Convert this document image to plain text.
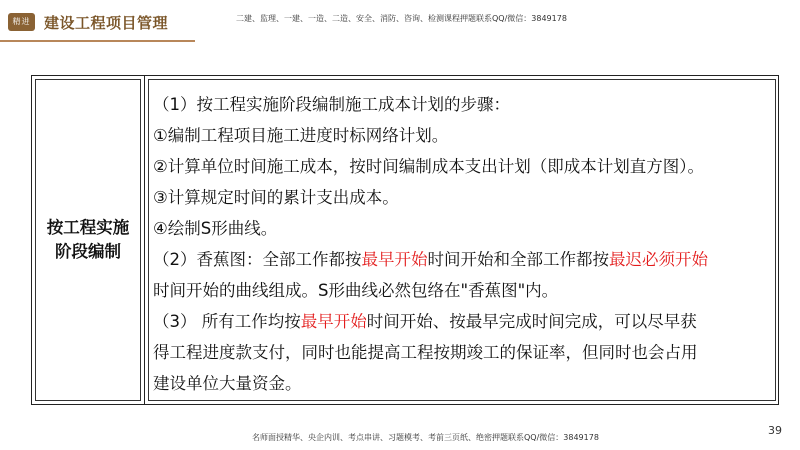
精进 建设工程项目管理	二建、监理、一建、一造、二造、安全、消防、咨询、检测课程押题联系QQ/微信：3849178
按工程实施
阶段编制
（1）按工程实施阶段编制施工成本计划的步骤：
①编制工程项目施工进度时标网络计划。
②计算单位时间施工成本，按时间编制成本支出计划（即成本计划直方图）。
③计算规定时间的累计支出成本。
④绘制S形曲线。
（2）香蕉图：全部工作都按最早开始时间开始和全部工作都按最迟必须开始
时间开始的曲线组成。S形曲线必然包络在"香蕉图"内。
（3） 所有工作均按最早开始时间开始、按最早完成时间完成，可以尽早获
得工程进度款支付，同时也能提高工程按期竣工的保证率，但同时也会占用
建设单位大量资金。
39
名师面授精华、央企内训、考点串讲、习题模考、考前三页纸、绝密押题联系QQ/微信：3849178
